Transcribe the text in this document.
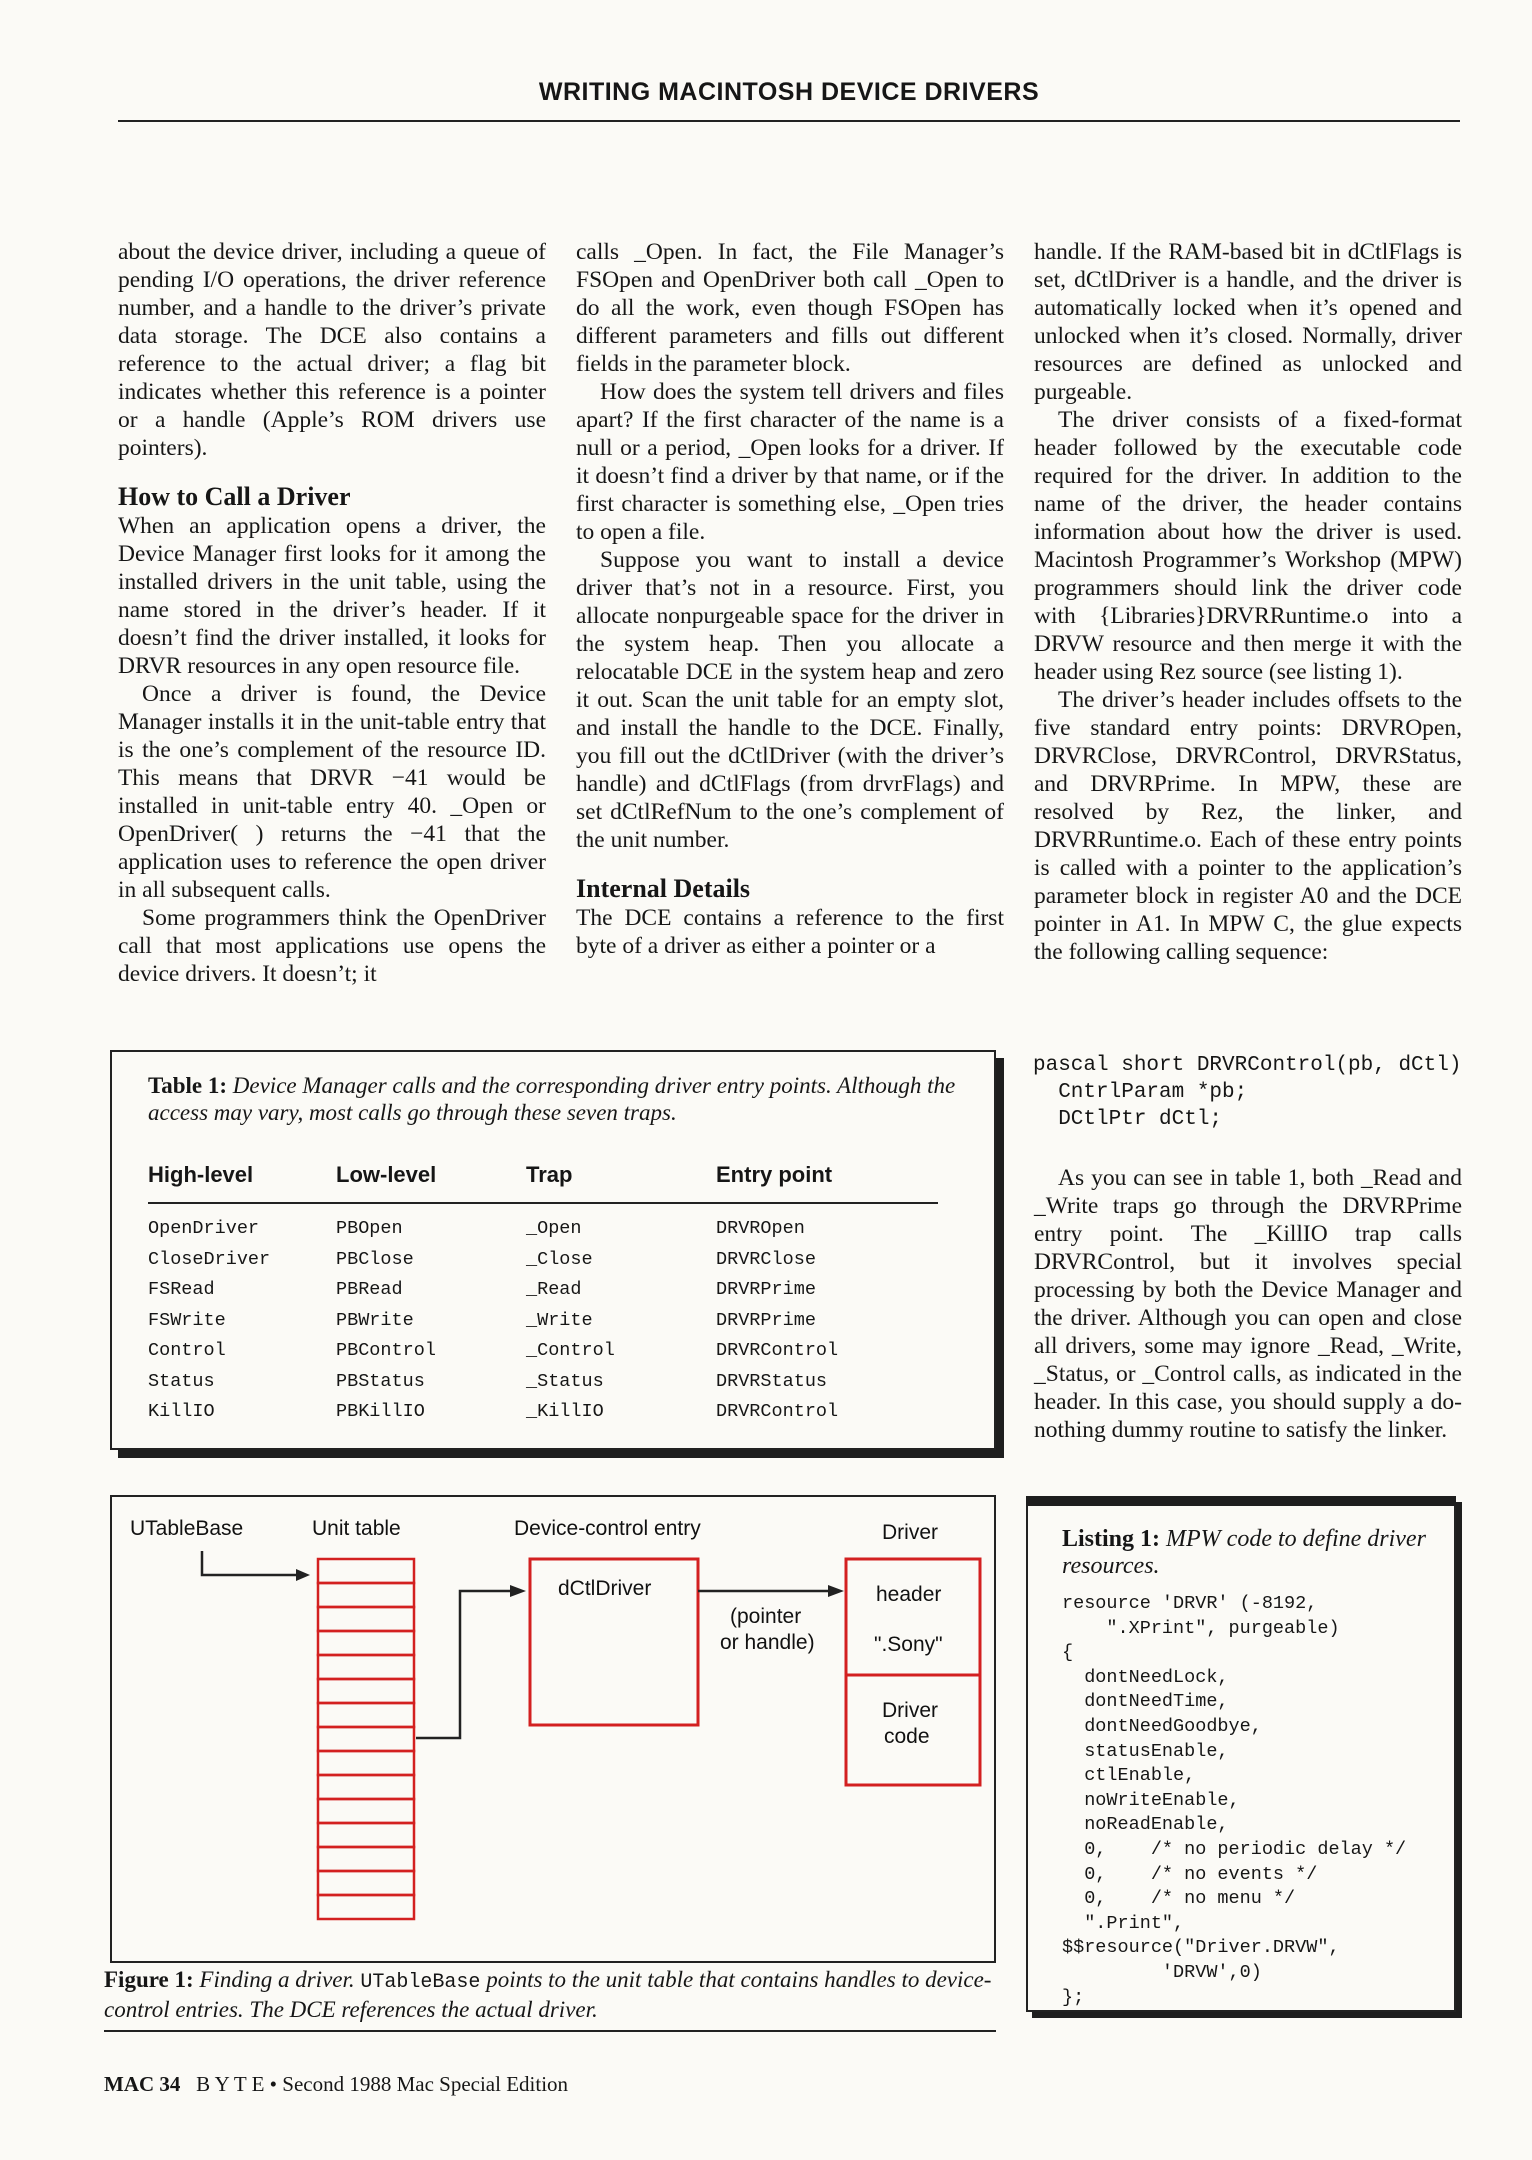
WRITING MACINTOSH DEVICE DRIVERS

about the device driver, including a queue of pending I/O operations, the driver reference number, and a handle to the driver’s private data storage. The DCE also contains a reference to the actual driver; a flag bit indicates whether this reference is a pointer or a handle (Apple’s ROM drivers use pointers).

How to Call a Driver

When an application opens a driver, the Device Manager first looks for it among the installed drivers in the unit table, using the name stored in the driver’s header. If it doesn’t find the driver installed, it looks for DRVR resources in any open resource file.

Once a driver is found, the Device Manager installs it in the unit-table entry that is the one’s complement of the resource ID. This means that DRVR −41 would be installed in unit-table entry 40. _Open or OpenDriver( ) returns the −41 that the application uses to reference the open driver in all subsequent calls.

Some programmers think the OpenDriver call that most applications use opens the device drivers. It doesn’t; it

calls _Open. In fact, the File Manager’s FSOpen and OpenDriver both call _Open to do all the work, even though FSOpen has different parameters and fills out different fields in the parameter block.

How does the system tell drivers and files apart? If the first character of the name is a null or a period, _Open looks for a driver. If it doesn’t find a driver by that name, or if the first character is something else, _Open tries to open a file.

Suppose you want to install a device driver that’s not in a resource. First, you allocate nonpurgeable space for the driver in the system heap. Then you allocate a relocatable DCE in the system heap and zero it out. Scan the unit table for an empty slot, and install the handle to the DCE. Finally, you fill out the dCtlDriver (with the driver’s handle) and dCtlFlags (from drvrFlags) and set dCtlRefNum to the one’s complement of the unit number.

Internal Details

The DCE contains a reference to the first byte of a driver as either a pointer or a

handle. If the RAM-based bit in dCtlFlags is set, dCtlDriver is a handle, and the driver is automatically locked when it’s opened and unlocked when it’s closed. Normally, driver resources are defined as unlocked and purgeable.

The driver consists of a fixed-format header followed by the executable code required for the driver. In addition to the name of the driver, the header contains information about how the driver is used. Macintosh Programmer’s Workshop (MPW) programmers should link the driver code with {Libraries}DRVRRuntime.o into a DRVW resource and then merge it with the header using Rez source (see listing 1).

The driver’s header includes offsets to the five standard entry points: DRVROpen, DRVRClose, DRVRControl, DRVRStatus, and DRVRPrime. In MPW, these are resolved by Rez, the linker, and DRVRRuntime.o. Each of these entry points is called with a pointer to the application’s parameter block in register A0 and the DCE pointer in A1. In MPW C, the glue expects the following calling sequence:

pascal short DRVRControl(pb, dCtl)
CntrlParam *pb;
DCtlPtr dCtl;

As you can see in table 1, both _Read and _Write traps go through the DRVRPrime entry point. The _KillIO trap calls DRVRControl, but it involves special processing by both the Device Manager and the driver. Although you can open and close all drivers, some may ignore _Read, _Write, _Status, or _Control calls, as indicated in the header. In this case, you should supply a do-nothing dummy routine to satisfy the linker.

Table 1: Device Manager calls and the corresponding driver entry points. Although the access may vary, most calls go through these seven traps.
High-level	Low-level	Trap	Entry point
OpenDriver	PBOpen	_Open	DRVROpen
CloseDriver	PBClose	_Close	DRVRClose
FSRead	PBRead	_Read	DRVRPrime
FSWrite	PBWrite	_Write	DRVRPrime
Control	PBControl	_Control	DRVRControl
Status	PBStatus	_Status	DRVRStatus
KillIO	PBKillIO	_KillIO	DRVRControl
UTableBase	Unit table	Device-control entry	Driver
dCtlDriver
(pointer
or handle)
header
".Sony"
Driver
code
Figure 1: Finding a driver. UTableBase points to the unit table that contains handles to device-control entries. The DCE references the actual driver.
Listing 1: MPW code to define driver resources.
resource 'DRVR' (-8192,
".XPrint", purgeable)
{
dontNeedLock,
dontNeedTime,
dontNeedGoodbye,
statusEnable,
ctlEnable,
noWriteEnable,
noReadEnable,
0,    /* no periodic delay */
0,    /* no events */
0,    /* no menu */
".Print",
$$resource("Driver.DRVW",
'DRVW',0)
};
MAC 34 B Y T E • Second 1988 Mac Special Edition
